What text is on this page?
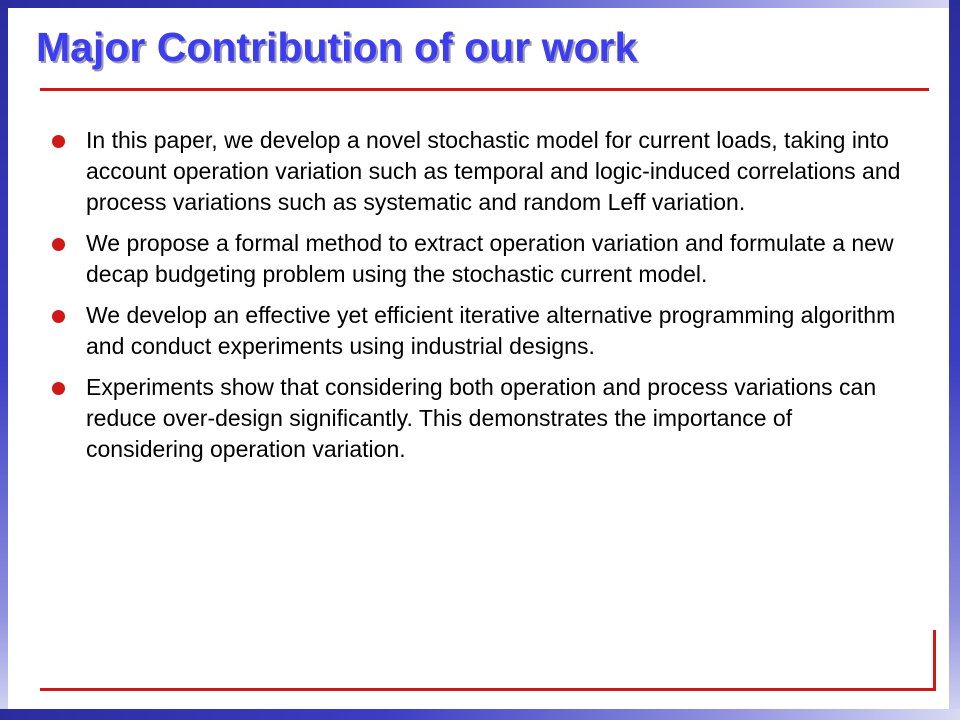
Major Contribution of our work
In this paper, we develop a novel stochastic model for current loads, taking into account operation variation such as temporal and logic-induced correlations and process variations such as systematic and random Leff variation.
We propose a formal method to extract operation variation and formulate a new decap budgeting problem using the stochastic current model.
We develop an effective yet efficient iterative alternative programming algorithm and conduct experiments using industrial designs.
Experiments show that considering both operation and process variations can reduce over-design significantly. This demonstrates the importance of considering operation variation.
